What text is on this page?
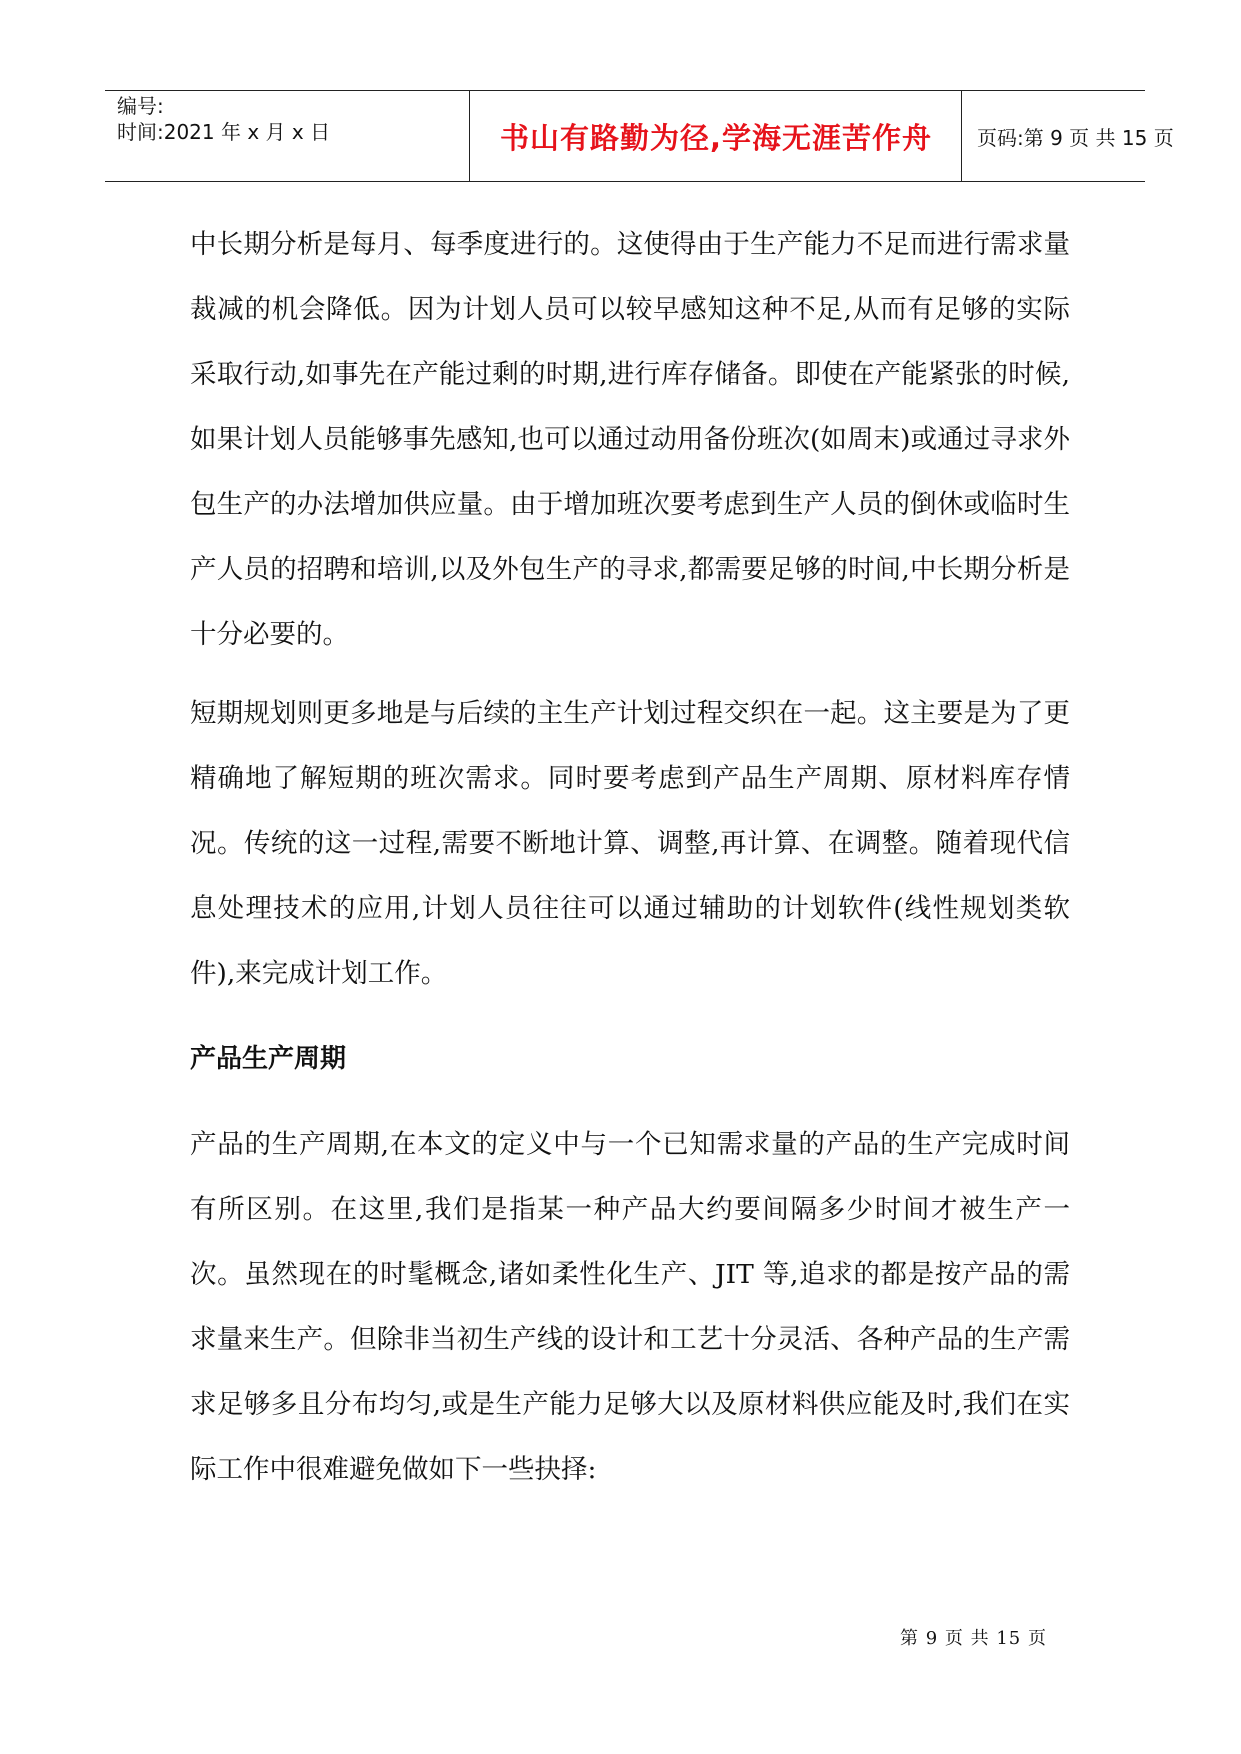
编号:
时间:2021 年 x 月 x 日	书山有路勤为径,学海无涯苦作舟	页码:第 9 页 共 15 页

中长期分析是每月、每季度进行的。这使得由于生产能力不足而进行需求量裁减的机会降低。因为计划人员可以较早感知这种不足,从而有足够的实际采取行动,如事先在产能过剩的时期,进行库存储备。即使在产能紧张的时候,如果计划人员能够事先感知,也可以通过动用备份班次(如周末)或通过寻求外包生产的办法增加供应量。由于增加班次要考虑到生产人员的倒休或临时生产人员的招聘和培训,以及外包生产的寻求,都需要足够的时间,中长期分析是十分必要的。

短期规划则更多地是与后续的主生产计划过程交织在一起。这主要是为了更精确地了解短期的班次需求。同时要考虑到产品生产周期、原材料库存情况。传统的这一过程,需要不断地计算、调整,再计算、在调整。随着现代信息处理技术的应用,计划人员往往可以通过辅助的计划软件(线性规划类软件),来完成计划工作。

产品生产周期

产品的生产周期,在本文的定义中与一个已知需求量的产品的生产完成时间有所区别。在这里,我们是指某一种产品大约要间隔多少时间才被生产一次。虽然现在的时髦概念,诸如柔性化生产、JIT 等,追求的都是按产品的需求量来生产。但除非当初生产线的设计和工艺十分灵活、各种产品的生产需求足够多且分布均匀,或是生产能力足够大以及原材料供应能及时,我们在实际工作中很难避免做如下一些抉择:

第 9 页 共 15 页
